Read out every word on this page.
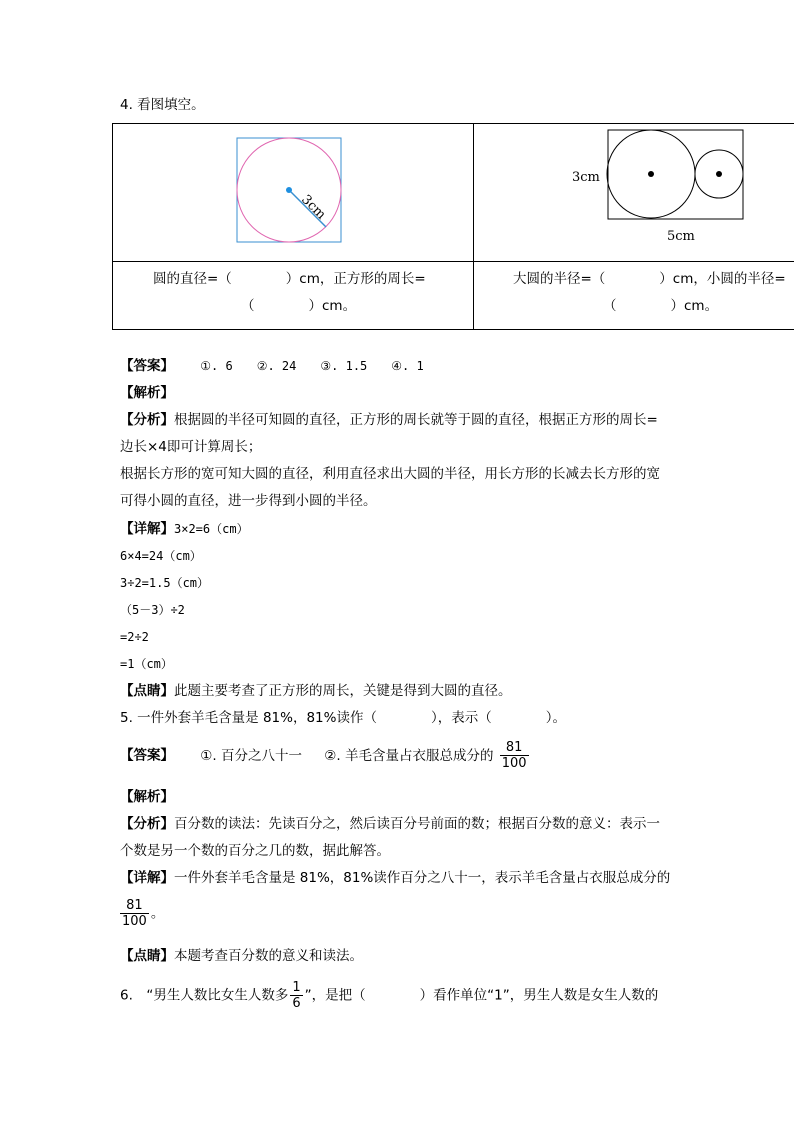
4. 看图填空。
3cm
3cm
5cm
圆的直径=（　　　　）cm，正方形的周长=
（　　　　）cm。
大圆的半径=（　　　　）cm，小圆的半径=
（　　　　）cm。
【答案】 ①. 6　　②. 24　　③. 1.5　　④. 1
【解析】
【分析】根据圆的半径可知圆的直径，正方形的周长就等于圆的直径，根据正方形的周长=
边长×4即可计算周长；
根据长方形的宽可知大圆的直径，利用直径求出大圆的半径，用长方形的长减去长方形的宽
可得小圆的直径，进一步得到小圆的半径。
【详解】3×2=6（cm）
6×4=24（cm）
3÷2=1.5（cm）
（5－3）÷2
=2÷2
=1（cm）
【点睛】此题主要考查了正方形的周长，关键是得到大圆的直径。
5. 一件外套羊毛含量是 81%，81%读作（　　　　），表示（　　　　）。
【答案】 ①. 百分之八十一 ②. 羊毛含量占衣服总成分的 $\frac{81}{100}$
【解析】
【分析】百分数的读法：先读百分之，然后读百分号前面的数；根据百分数的意义：表示一
个数是另一个数的百分之几的数，据此解答。
【详解】一件外套羊毛含量是 81%，81%读作百分之八十一，表示羊毛含量占衣服总成分的
$\frac{81}{100}$ 。
【点睛】本题考查百分数的意义和读法。
6.　“男生人数比女生人数多 $\frac{1}{6}$ ”，是把（　　　　）看作单位“1”，男生人数是女生人数的
